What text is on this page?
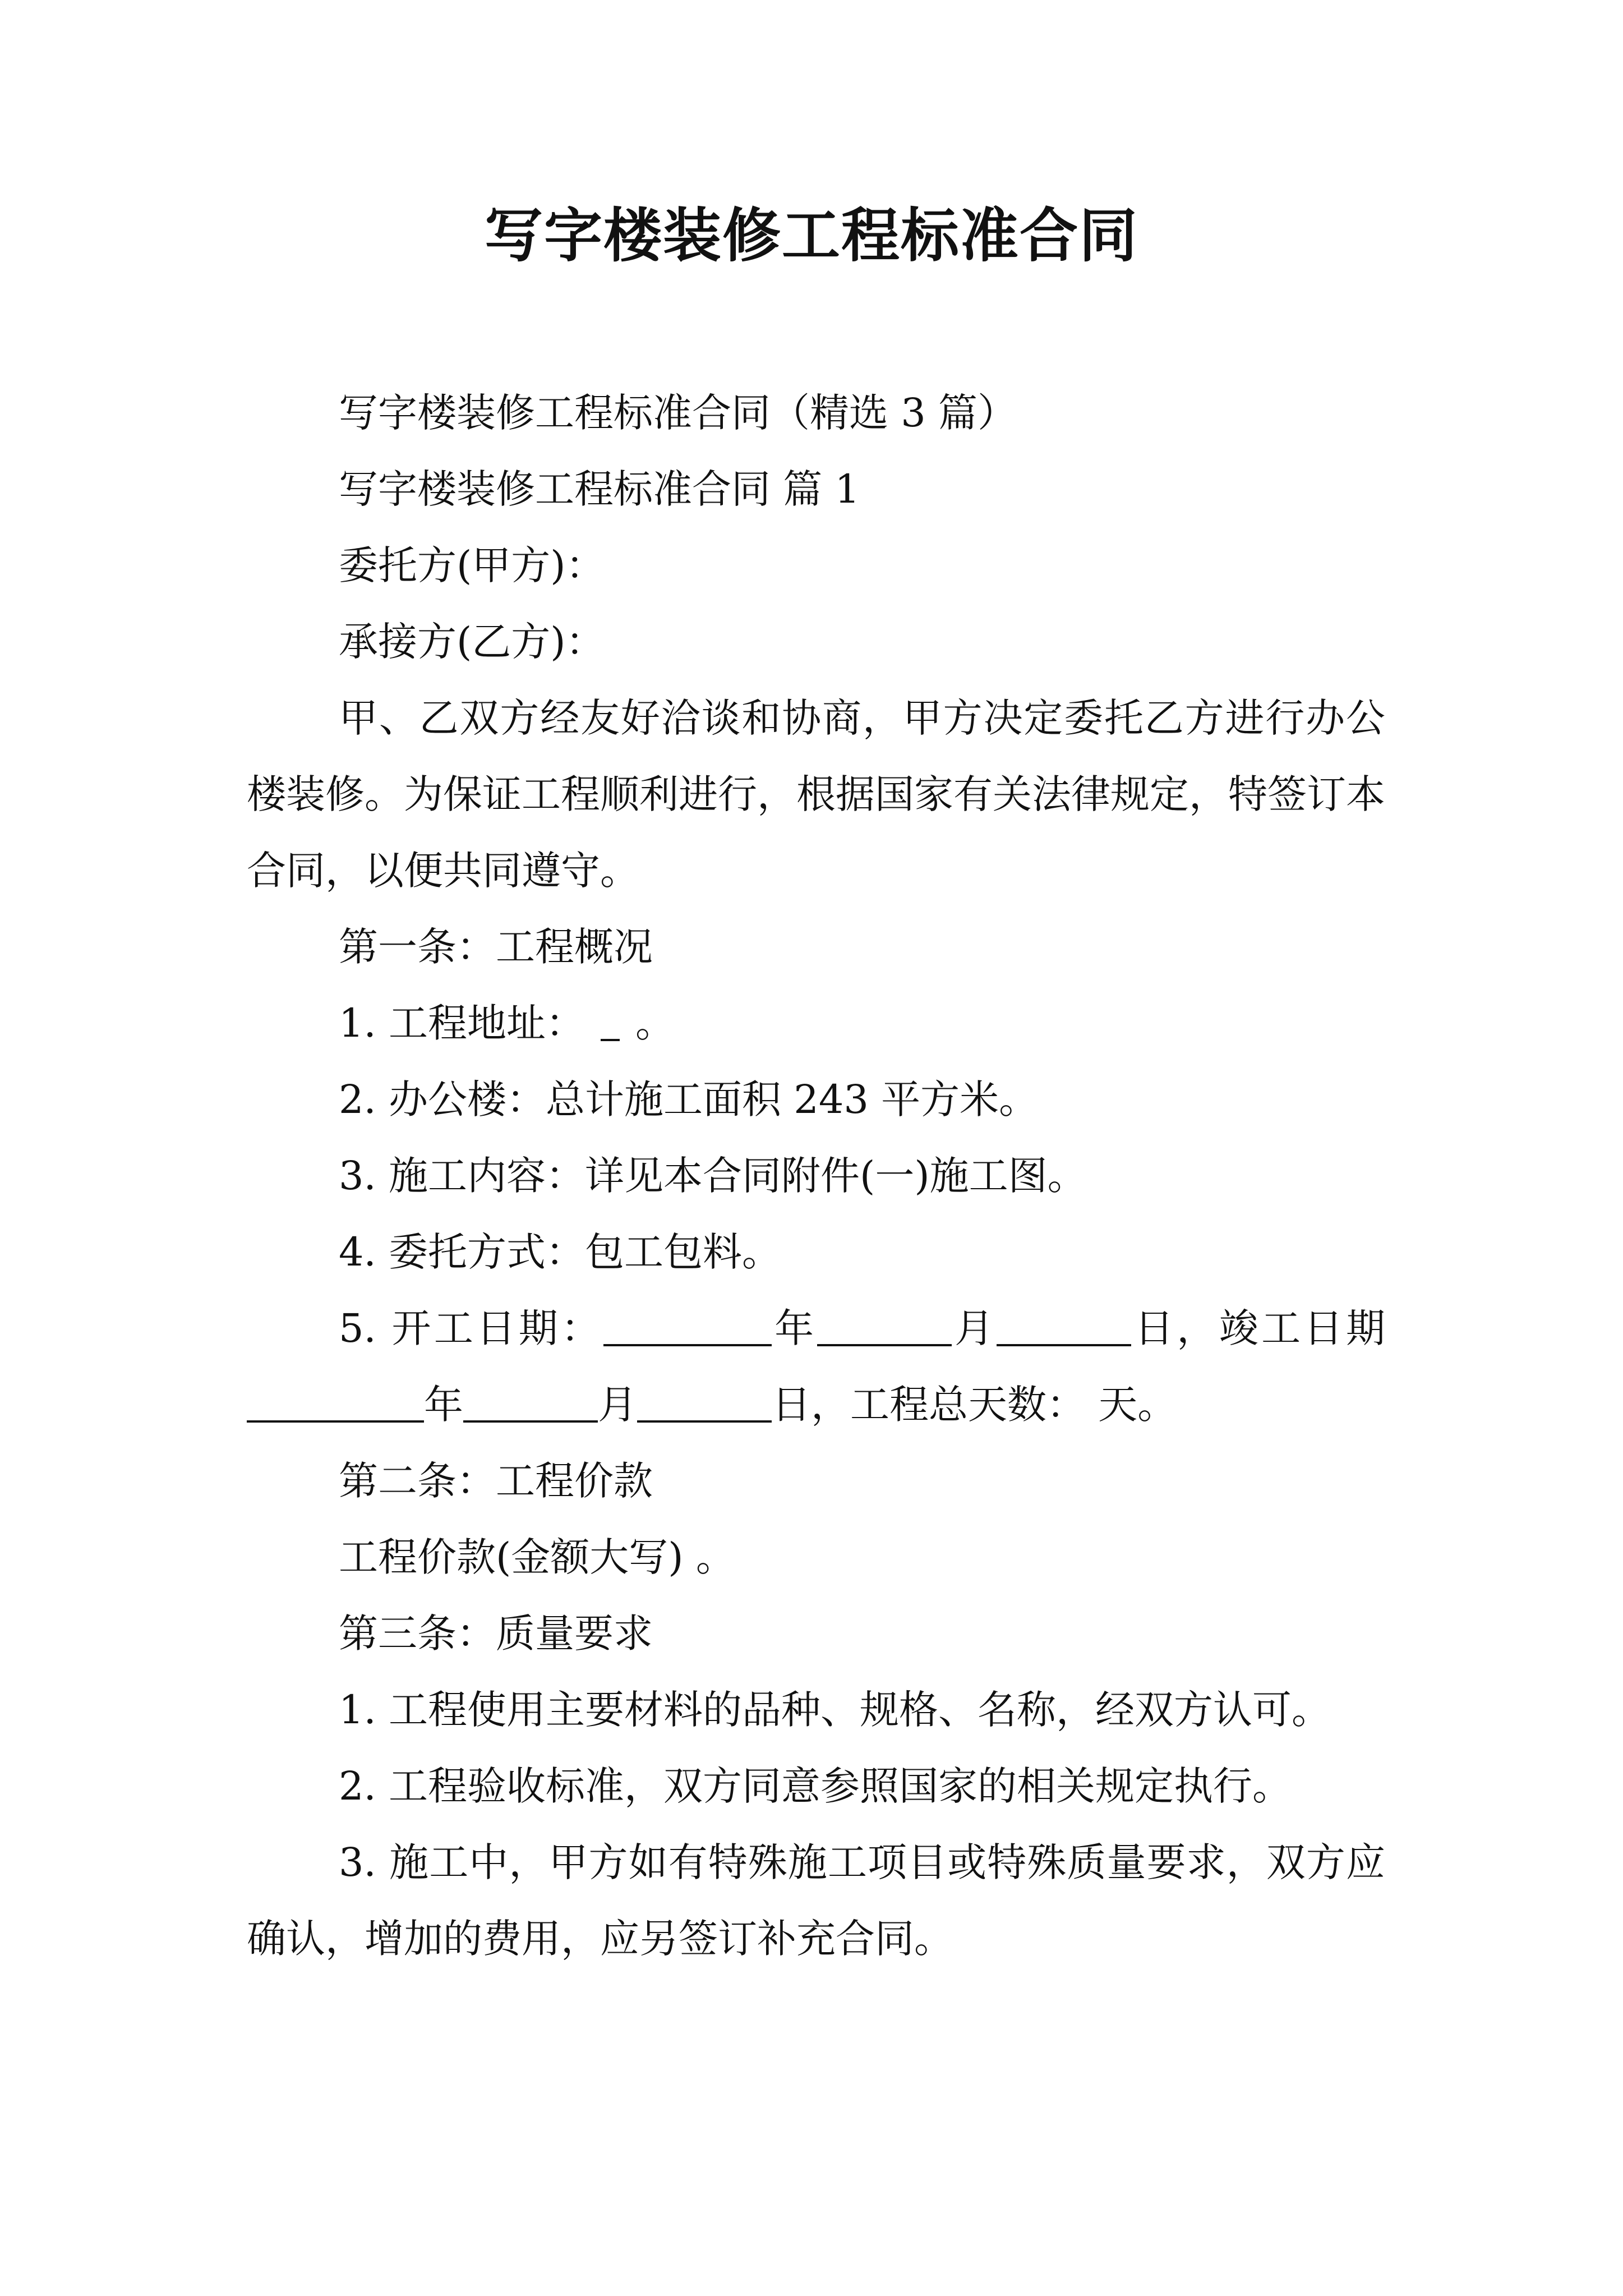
写字楼装修工程标准合同

写字楼装修工程标准合同（精选 3 篇）

写字楼装修工程标准合同 篇 1

委托方(甲方)：

承接方(乙方)：

甲、乙双方经友好洽谈和协商，甲方决定委托乙方进行办公楼装修。为保证工程顺利进行，根据国家有关法律规定，特签订本合同，以便共同遵守。

第一条：工程概况

1. 工程地址： 。

2. 办公楼：总计施工面积 243 平方米。

3. 施工内容：详见本合同附件(一)施工图。

4. 委托方式：包工包料。

5. 开工日期：	年	月	日，竣工日期年	月	日，工程总天数： 天。

第二条：工程价款

工程价款(金额大写) 。

第三条：质量要求

1. 工程使用主要材料的品种、规格、名称，经双方认可。

2. 工程验收标准，双方同意参照国家的相关规定执行。

3. 施工中，甲方如有特殊施工项目或特殊质量要求，双方应确认，增加的费用，应另签订补充合同。
